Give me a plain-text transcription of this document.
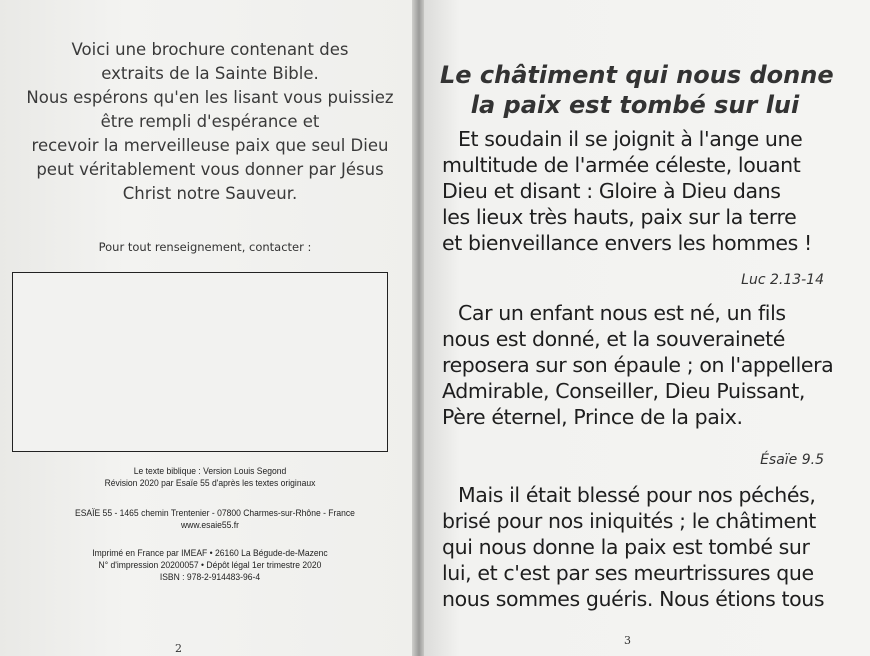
Voici une brochure contenant des
extraits de la Sainte Bible.
Nous espérons qu'en les lisant vous puissiez
être rempli d'espérance et
recevoir la merveilleuse paix que seul Dieu
peut véritablement vous donner par Jésus
Christ notre Sauveur.
Pour tout renseignement, contacter :
Le texte biblique : Version Louis Segond
Révision 2020 par Esaïe 55 d'après les textes originaux
ESAÏE 55 - 1465 chemin Trentenier - 07800 Charmes-sur-Rhône - France
www.esaie55.fr
Imprimé en France par IMEAF • 26160 La Bégude-de-Mazenc
N° d'impression 20200057 • Dépôt légal 1er trimestre 2020
ISBN : 978-2-914483-96-4
2
Le châtiment qui nous donne
la paix est tombé sur lui
Et soudain il se joignit à l'ange une
multitude de l'armée céleste, louant
Dieu et disant : Gloire à Dieu dans
les lieux très hauts, paix sur la terre
et bienveillance envers les hommes !
Luc 2.13-14
Car un enfant nous est né, un fils
nous est donné, et la souveraineté
reposera sur son épaule ; on l'appellera
Admirable, Conseiller, Dieu Puissant,
Père éternel, Prince de la paix.
Ésaïe 9.5
Mais il était blessé pour nos péchés,
brisé pour nos iniquités ; le châtiment
qui nous donne la paix est tombé sur
lui, et c'est par ses meurtrissures que
nous sommes guéris. Nous étions tous
3
